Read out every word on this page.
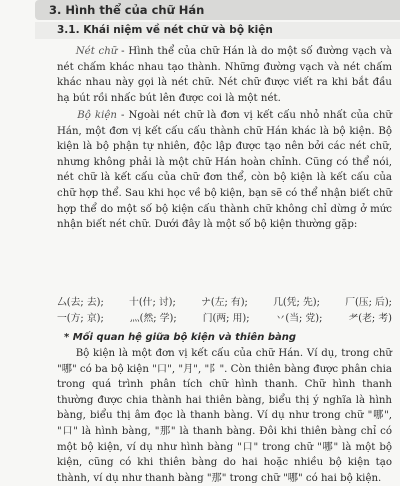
3. Hình thể của chữ Hán
3.1. Khái niệm về nét chữ và bộ kiện
Nét chữ - Hình thể của chữ Hán là do một số đường vạch và nét chấm khác nhau tạo thành. Những đường vạch và nét chấm khác nhau này gọi là nét chữ. Nét chữ được viết ra khi bắt đầu hạ bút rồi nhấc bút lên được coi là một nét.
Bộ kiện - Ngoài nét chữ là đơn vị kết cấu nhỏ nhất của chữ Hán, một đơn vị kết cấu cấu thành chữ Hán khác là bộ kiện. Bộ kiện là bộ phận tự nhiên, độc lập được tạo nên bởi các nét chữ, nhưng không phải là một chữ Hán hoàn chỉnh. Cũng có thể nói, nét chữ là kết cấu của chữ đơn thể, còn bộ kiện là kết cấu của chữ hợp thể. Sau khi học về bộ kiện, bạn sẽ có thể nhận biết chữ hợp thể do một số bộ kiện cấu thành chữ không chỉ dừng ở mức nhận biết nét chữ. Dưới đây là một số bộ kiện thường gặp:
厶(去; 去);	十(什; 讨);	ナ(左; 有);	几(凭; 先);	厂(压; 后);
一(方; 京);	灬(然; 学);	门(两; 用);	丷(当; 党);	耂(老; 考)
* Mối quan hệ giữa bộ kiện và thiên bàng
Bộ kiện là một đơn vị kết cấu của chữ Hán. Ví dụ, trong chữ "哪" có ba bộ kiện "口", "月", "阝". Còn thiên bàng được phân chia trong quá trình phân tích chữ hình thanh. Chữ hình thanh thường được chia thành hai thiên bàng, biểu thị ý nghĩa là hình bàng, biểu thị âm đọc là thanh bàng. Ví dụ như trong chữ "哪", "口" là hình bàng, "那" là thanh bàng. Đôi khi thiên bàng chỉ có một bộ kiện, ví dụ như hình bàng "口" trong chữ "哪" là một bộ kiện, cũng có khi thiên bàng do hai hoặc nhiều bộ kiện tạo thành, ví dụ như thanh bàng "那" trong chữ "哪" có hai bộ kiện.
